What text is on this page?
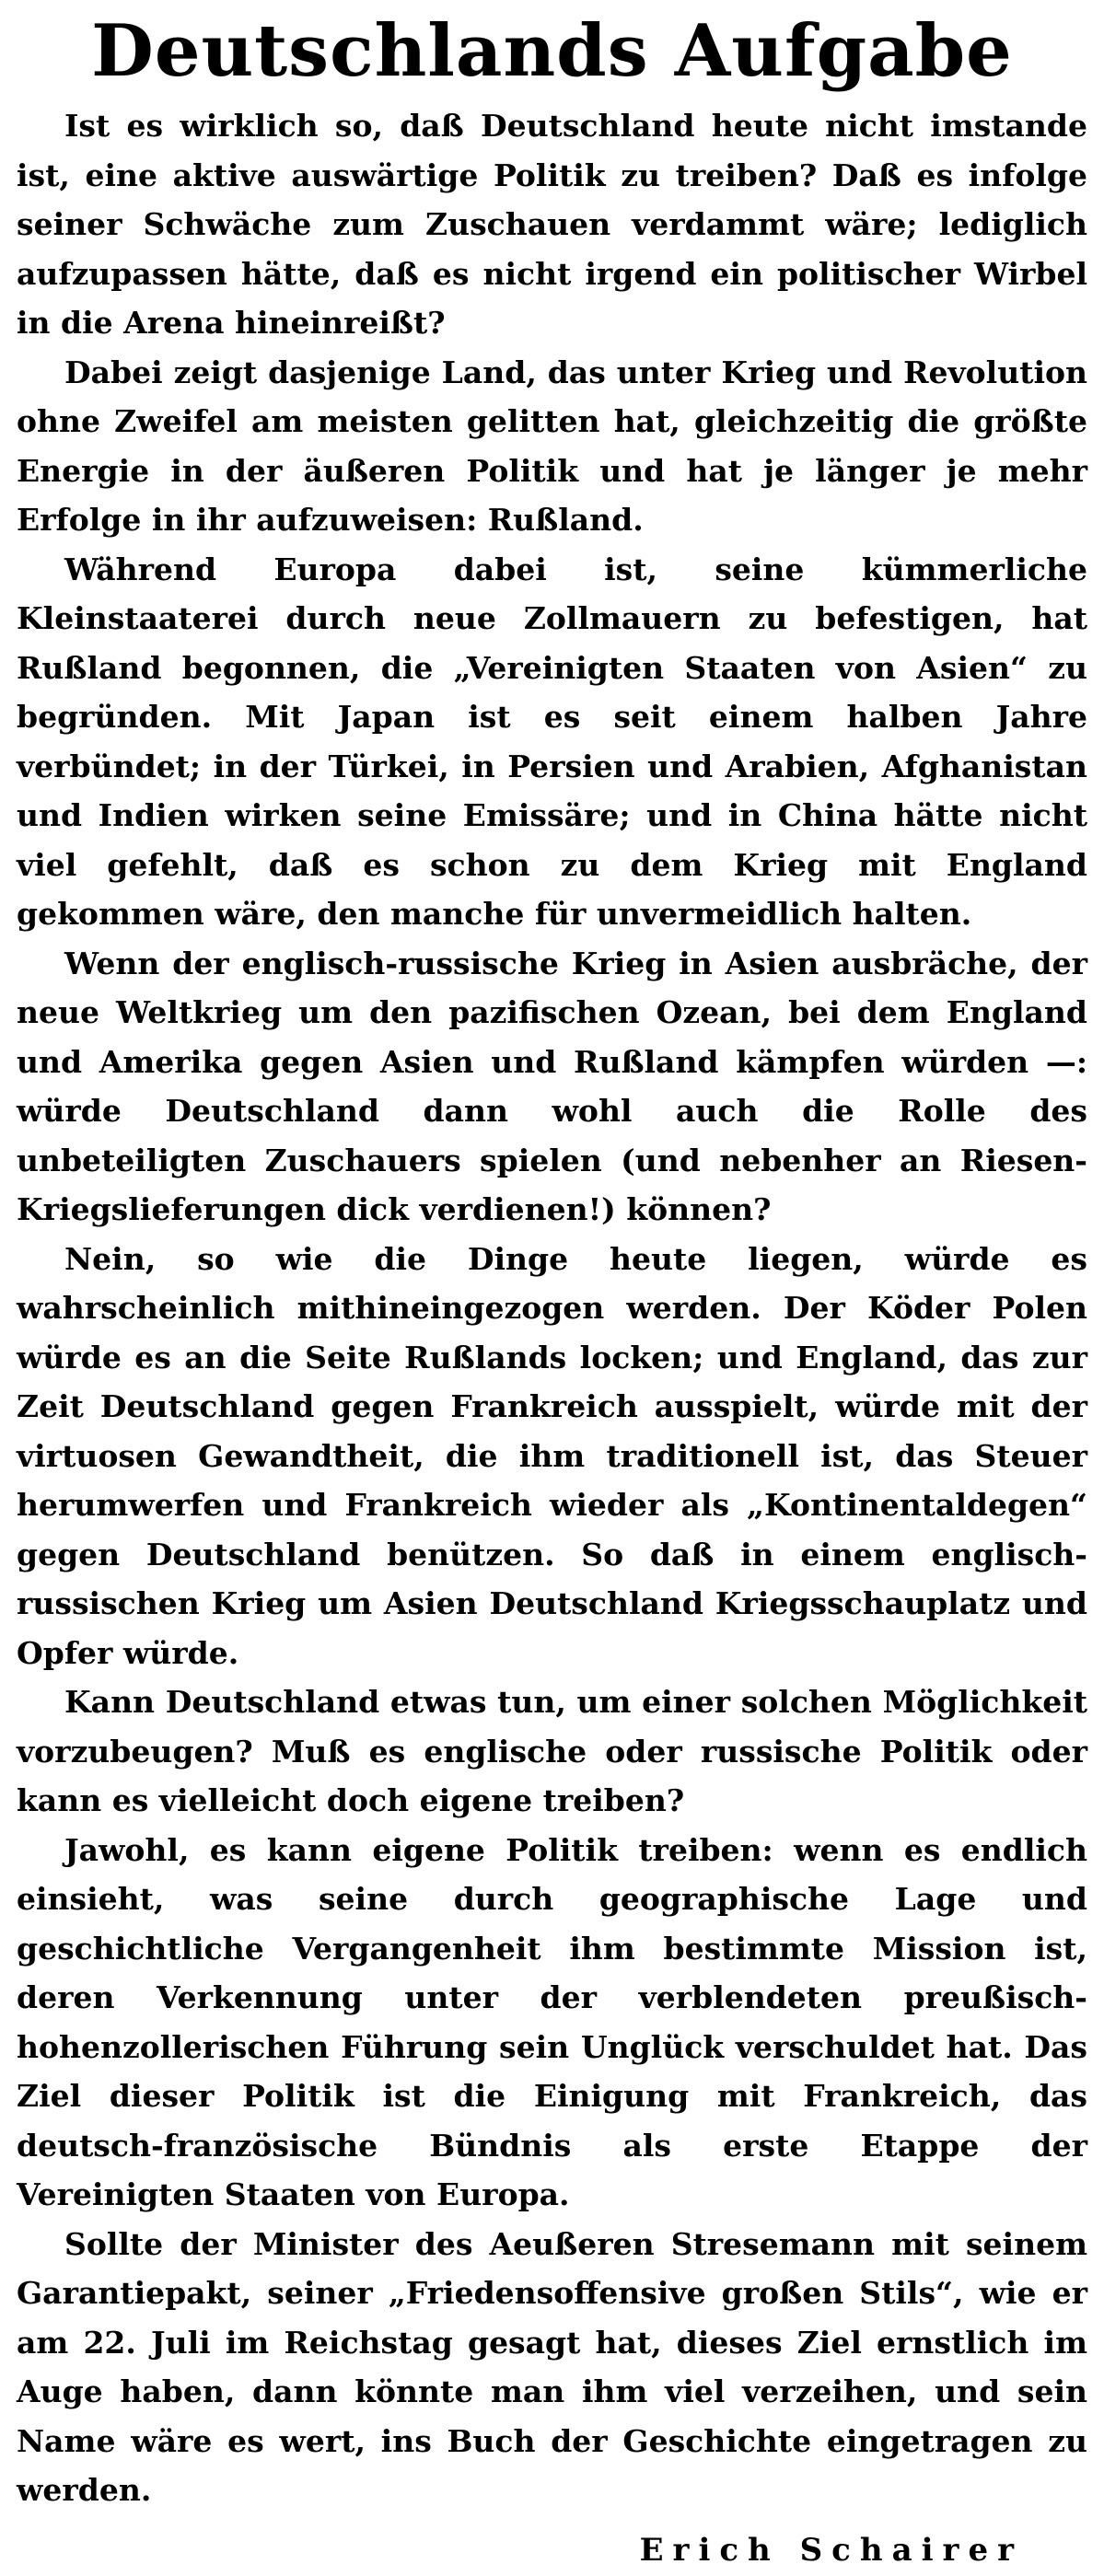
Deutschlands Aufgabe

Ist es wirklich so, daß Deutschland heute nicht imstande ist, eine aktive auswärtige Politik zu treiben? Daß es infolge seiner Schwäche zum Zuschauen verdammt wäre; lediglich aufzupassen hätte, daß es nicht irgend ein politischer Wirbel in die Arena hineinreißt?

Dabei zeigt dasjenige Land, das unter Krieg und Revolution ohne Zweifel am meisten gelitten hat, gleichzeitig die größte Energie in der äußeren Politik und hat je länger je mehr Erfolge in ihr aufzuweisen: Rußland.

Während Europa dabei ist, seine kümmerliche Kleinstaaterei durch neue Zollmauern zu befestigen, hat Rußland begonnen, die „Vereinigten Staaten von Asien“ zu begründen. Mit Japan ist es seit einem halben Jahre verbündet; in der Türkei, in Persien und Arabien, Afghanistan und Indien wirken seine Emissäre; und in China hätte nicht viel gefehlt, daß es schon zu dem Krieg mit England gekommen wäre, den manche für unvermeidlich halten.

Wenn der englisch-russische Krieg in Asien ausbräche, der neue Weltkrieg um den pazifischen Ozean, bei dem England und Amerika gegen Asien und Rußland kämpfen würden —: würde Deutschland dann wohl auch die Rolle des unbeteiligten Zuschauers spielen (und nebenher an Riesen-Kriegslieferungen dick verdienen!) können?

Nein, so wie die Dinge heute liegen, würde es wahrscheinlich mithineingezogen werden. Der Köder Polen würde es an die Seite Rußlands locken; und England, das zur Zeit Deutschland gegen Frankreich ausspielt, würde mit der virtuosen Gewandtheit, die ihm traditionell ist, das Steuer herumwerfen und Frankreich wieder als „Kontinentaldegen“ gegen Deutschland benützen. So daß in einem englisch-russischen Krieg um Asien Deutschland Kriegsschauplatz und Opfer würde.

Kann Deutschland etwas tun, um einer solchen Möglichkeit vorzubeugen? Muß es englische oder russische Politik oder kann es vielleicht doch eigene treiben?

Jawohl, es kann eigene Politik treiben: wenn es endlich einsieht, was seine durch geographische Lage und geschichtliche Vergangenheit ihm bestimmte Mission ist, deren Verkennung unter der verblendeten preußisch-hohenzollerischen Führung sein Unglück verschuldet hat. Das Ziel dieser Politik ist die Einigung mit Frankreich, das deutsch-französische Bündnis als erste Etappe der Vereinigten Staaten von Europa.

Sollte der Minister des Aeußeren Stresemann mit seinem Garantiepakt, seiner „Friedensoffensive großen Stils“, wie er am 22. Juli im Reichstag gesagt hat, dieses Ziel ernstlich im Auge haben, dann könnte man ihm viel verzeihen, und sein Name wäre es wert, ins Buch der Geschichte eingetragen zu werden.

Erich Schairer
